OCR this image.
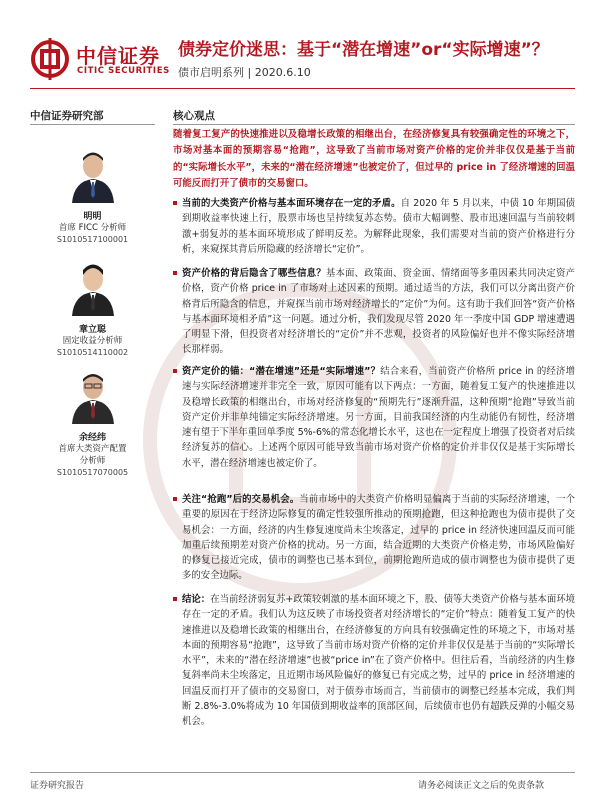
中信证券
CITIC SECURITIES
债券定价迷思：基于“潜在增速”or“实际增速”？
债市启明系列 | 2020.6.10
中信证券研究部
明明
首席 FICC 分析师
S1010517100001
章立聪
固定收益分析师
S1010514110002
余经纬
首席大类资产配置
分析师
S1010517070005
核心观点
随着复工复产的快速推进以及稳增长政策的相继出台，在经济修复具有较强确定性的环境之下，市场对基本面的预期容易“抢跑”，这导致了当前市场对资产价格的定价并非仅仅是基于当前的“实际增长水平”，未来的“潜在经济增速”也被定价了，但过早的 price in 了经济增速的回温可能反而打开了债市的交易窗口。
当前的大类资产价格与基本面环境存在一定的矛盾。自 2020 年 5 月以来，中债 10 年期国债到期收益率快速上行，股票市场也呈持续复苏态势。债市大幅调整、股市迅速回温与当前较刺激+弱复苏的基本面环境形成了鲜明反差。为解释此现象，我们需要对当前的资产价格进行分析，来窥探其背后所隐藏的经济增长“定价”。
资产价格的背后隐含了哪些信息？基本面、政策面、资金面、情绪面等多重因素共同决定资产价格，资产价格 price in 了市场对上述因素的预期。通过适当的方法，我们可以分离出资产价格背后所隐含的信息，并窥探当前市场对经济增长的“定价”为何。这有助于我们回答“资产价格与基本面环境相矛盾”这一问题。通过分析，我们发现尽管 2020 年一季度中国 GDP 增速遭遇了明显下滑，但投资者对经济增长的“定价”并不悲观，投资者的风险偏好也并不像实际经济增长那样弱。
资产定价的锚：“潜在增速”还是“实际增速”？结合来看，当前资产价格所 price in 的经济增速与实际经济增速并非完全一致，原因可能有以下两点：一方面，随着复工复产的快速推进以及稳增长政策的相继出台，市场对经济修复的“预期先行”逐渐升温，这种预期“抢跑”导致当前资产定价并非单纯锚定实际经济增速。另一方面，目前我国经济的内生动能仍有韧性，经济增速有望于下半年重回单季度 5%-6%的常态化增长水平，这也在一定程度上增强了投资者对后续经济复苏的信心。上述两个原因可能导致当前市场对资产价格的定价并非仅仅是基于实际增长水平，潜在经济增速也被定价了。
关注“抢跑”后的交易机会。当前市场中的大类资产价格明显偏离于当前的实际经济增速，一个重要的原因在于经济边际修复的确定性较强所推动的预期抢跑，但这种抢跑也为债市提供了交易机会：一方面，经济的内生修复速度尚未尘埃落定，过早的 price in 经济快速回温反而可能加重后续预期差对资产价格的扰动。另一方面，结合近期的大类资产价格走势，市场风险偏好的修复已接近完成，债市的调整也已基本到位，前期抢跑所造成的债市调整也为债市提供了更多的安全边际。
结论：在当前经济弱复苏+政策较刺激的基本面环境之下，股、债等大类资产价格与基本面环境存在一定的矛盾。我们认为这反映了市场投资者对经济增长的“定价”特点：随着复工复产的快速推进以及稳增长政策的相继出台，在经济修复的方向具有较强确定性的环境之下，市场对基本面的预期容易“抢跑”，这导致了当前市场对资产价格的定价并非仅仅是基于当前的“实际增长水平”，未来的“潜在经济增速”也被“price in”在了资产价格中。但往后看，当前经济的内生修复斜率尚未尘埃落定，且近期市场风险偏好的修复已有完成之势，过早的 price in 经济增速的回温反而打开了债市的交易窗口，对于债券市场而言，当前债市的调整已经基本完成，我们判断 2.8%-3.0%将成为 10 年国债到期收益率的顶部区间，后续债市也仍有超跌反弹的小幅交易机会。
证券研究报告	请务必阅读正文之后的免责条款
